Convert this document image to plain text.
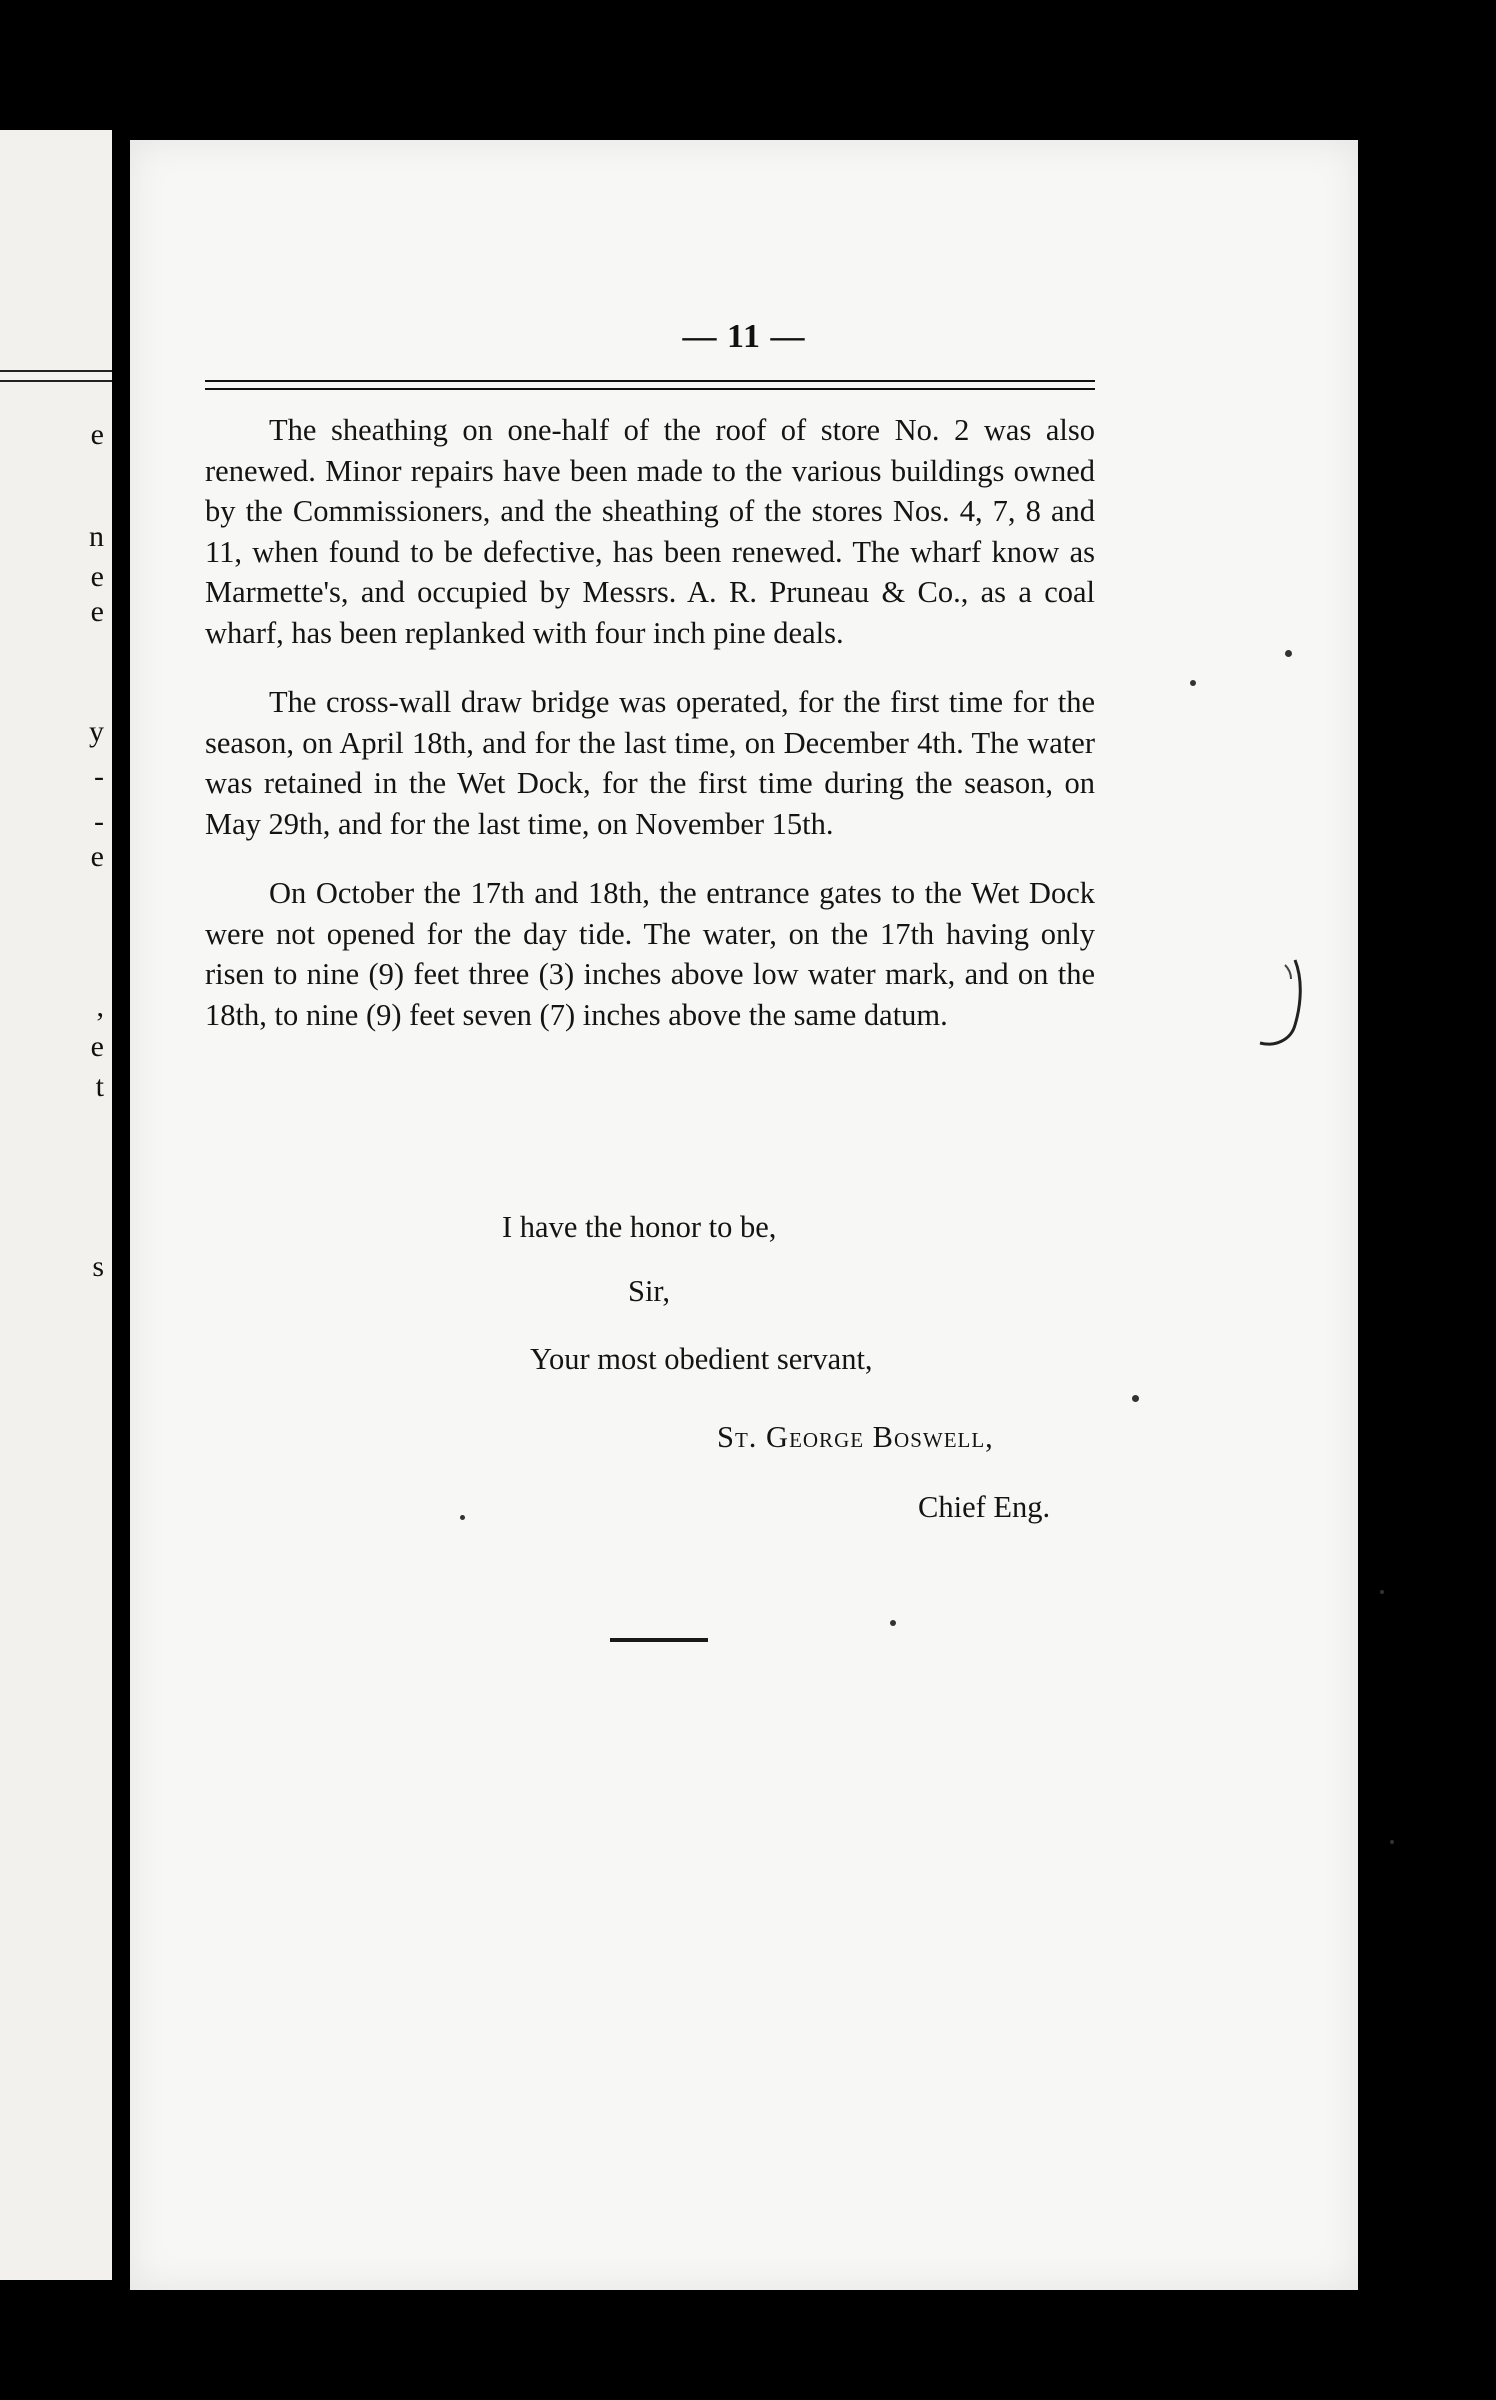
e
n
e
e
y
-
-
e
,
e
t
s
— 11 —

The sheathing on one-half of the roof of store No. 2 was also renewed. Minor repairs have been made to the various buildings owned by the Commissioners, and the sheathing of the stores Nos. 4, 7, 8 and 11, when found to be defective, has been renewed. The wharf know as Marmette's, and occupied by Messrs. A. R. Pruneau & Co., as a coal wharf, has been replanked with four inch pine deals.

The cross-wall draw bridge was operated, for the first time for the season, on April 18th, and for the last time, on December 4th. The water was retained in the Wet Dock, for the first time during the season, on May 29th, and for the last time, on November 15th.

On October the 17th and 18th, the entrance gates to the Wet Dock were not opened for the day tide. The water, on the 17th having only risen to nine (9) feet three (3) inches above low water mark, and on the 18th, to nine (9) feet seven (7) inches above the same datum.

I have the honor to be,
Sir,
Your most obedient servant,
St. George Boswell,
Chief Eng.
